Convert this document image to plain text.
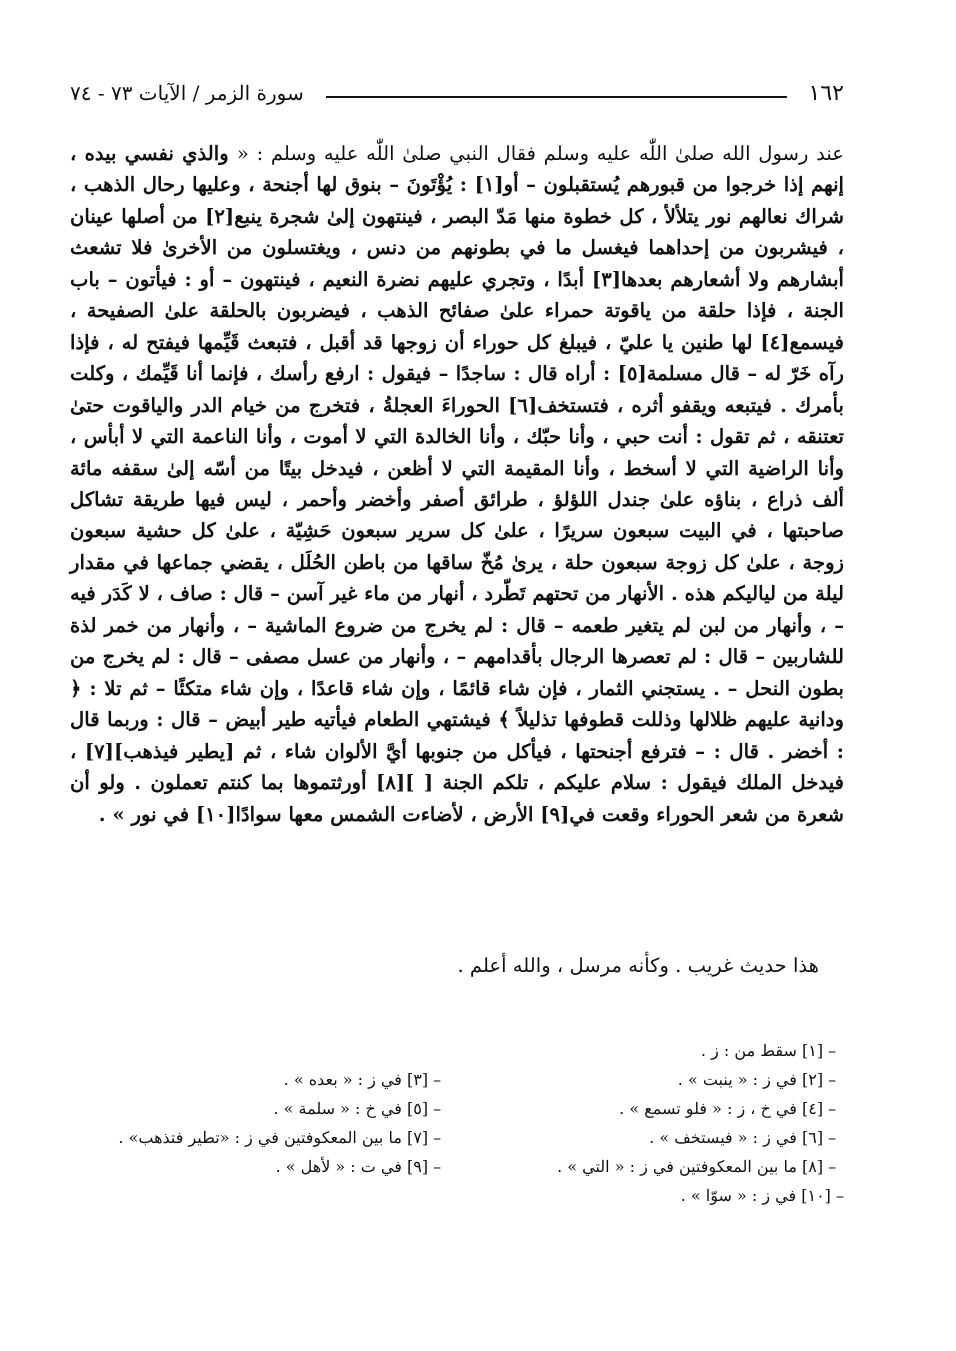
١٦٢
سورة الزمر / الآيات ٧٣ - ٧٤
عند رسول الله صلىٰ اللّٰه عليه وسلم فقال النبي صلىٰ اللّٰه عليه وسلم : « والذي نفسي بيده ، إنهم إذا خرجوا من قبورهم يُستقبلون – أو[١] : يُؤْتَونَ – بنوق لها أجنحة ، وعليها رحال الذهب ، شراك نعالهم نور يتلألأ ، كل خطوة منها مَدّ البصر ، فينتهون إلىٰ شجرة ينبع[٢] من أصلها عينان ، فيشربون من إحداهما فيغسل ما في بطونهم من دنس ، ويغتسلون من الأخرىٰ فلا تشعث أبشارهم ولا أشعارهم بعدها[٣] أبدًا ، وتجري عليهم نضرة النعيم ، فينتهون – أو : فيأتون – باب الجنة ، فإذا حلقة من ياقوتة حمراء علىٰ صفائح الذهب ، فيضربون بالحلقة علىٰ الصفيحة ، فيسمع[٤] لها طنين يا عليّ ، فيبلغ كل حوراء أن زوجها قد أقبل ، فتبعث قَيِّمها فيفتح له ، فإذا رآه خَرّ له – قال مسلمة[٥] : أراه قال : ساجدًا – فيقول : ارفع رأسك ، فإنما أنا قَيِّمك ، وكلت بأمرك . فيتبعه ويقفو أثره ، فتستخف[٦] الحوراءَ العجلةُ ، فتخرج من خيام الدر والياقوت حتىٰ تعتنقه ، ثم تقول : أنت حبي ، وأنا حبّك ، وأنا الخالدة التي لا أموت ، وأنا الناعمة التي لا أبأس ، وأنا الراضية التي لا أسخط ، وأنا المقيمة التي لا أظعن ، فيدخل بيتًا من أسّه إلىٰ سقفه مائة ألف ذراع ، بناؤه علىٰ جندل اللؤلؤ ، طرائق أصفر وأخضر وأحمر ، ليس فيها طريقة تشاكل صاحبتها ، في البيت سبعون سريرًا ، علىٰ كل سرير سبعون حَشِيّة ، علىٰ كل حشية سبعون زوجة ، علىٰ كل زوجة سبعون حلة ، يرىٰ مُخّ ساقها من باطن الحُلَل ، يقضي جماعها في مقدار ليلة من لياليكم هذه . الأنهار من تحتهم تَطّرد ، أنهار من ماء غير آسن – قال : صاف ، لا كَدَر فيه – ، وأنهار من لبن لم يتغير طعمه – قال : لم يخرج من ضروع الماشية – ، وأنهار من خمر لذة للشاربين – قال : لم تعصرها الرجال بأقدامهم – ، وأنهار من عسل مصفى – قال : لم يخرج من بطون النحل – . يستجني الثمار ، فإن شاء قائمًا ، وإن شاء قاعدًا ، وإن شاء متكئًا – ثم تلا : ﴿ ودانية عليهم ظلالها وذللت قطوفها تذليلاً ﴾ فيشتهي الطعام فيأتيه طير أبيض – قال : وربما قال : أخضر . قال : – فترفع أجنحتها ، فيأكل من جنوبها أيَّ الألوان شاء ، ثم [يطير فيذهب][٧] ، فيدخل الملك فيقول : سلام عليكم ، تلكم الجنة [ ][٨] أورثتموها بما كنتم تعملون . ولو أن شعرة من شعر الحوراء وقعت في[٩] الأرض ، لأضاءت الشمس معها سوادًا[١٠] في نور » .
هذا حديث غريب . وكأنه مرسل ، والله أعلم .
[١] – سقط من : ز .
[٢] – في ز : « ينبت » .
[٣] – في ز : « بعده » .
[٤] – في خ ، ز : « فلو تسمع » .
[٥] – في خ : « سلمة » .
[٦] – في ز : « فيستخف » .
[٧] – ما بين المعكوفتين في ز : «تطير فتذهب» .
[٨] – ما بين المعكوفتين في ز : « التي » .
[٩] – في ت : « لأهل » .
[١٠] – في ز : « سوّا » .
